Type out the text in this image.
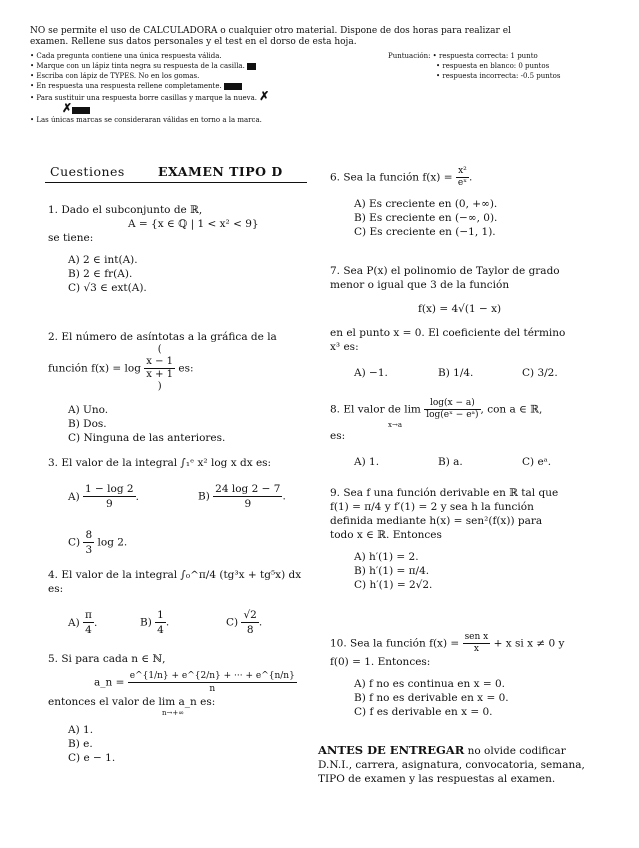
NO se permite el uso de CALCULADORA o cualquier otro material. Dispone de dos horas para realizar el
examen. Rellene sus datos personales y el test en el dorso de esta hoja.
• Cada pregunta contiene una única respuesta válida.
• Marque con un lápiz tinta negra su respuesta de la casilla.
• Escriba con lápiz de TYPES. No en los gomas.
• En respuesta una respuesta rellene completamente.
• Para sustituir una respuesta borre casillas y marque la nueva. ✗
✗
• Las únicas marcas se consideraran válidas en torno a la marca.
Puntuación: • respuesta correcta: 1 punto
• respuesta en blanco: 0 puntos
• respuesta incorrecta: -0.5 puntos
Cuestiones	EXAMEN TIPO D
1. Dado el subconjunto de ℝ,
A = {x ∈ ℚ | 1 < x² < 9}
se tiene:
A) 2 ∈ int(A).
B) 2 ∈ fr(A).
C) √3 ∈ ext(A).
2. El número de asíntotas a la gráfica de la
función f(x) = log (
x − 1
x + 1
) es:
A) Uno.
B) Dos.
C) Ninguna de las anteriores.
3. El valor de la integral ∫₁ᵉ x² log x dx es:
$A) \frac{1 - \log 2}{9}$ .	$B) \frac{24 \log 2 - 7}{9}$ .
$C) \frac{8}{3}$ log 2.
4. El valor de la integral ∫₀^π/4 (tg³x + tg⁵x) dx
es:
$A) \frac{\pi}{4}$ .	$B) \frac{1}{4}$ .	$C) \frac{√2}{8}$ .
5. Si para cada n ∈ ℕ,
a_n = $\frac{e\^{}\{1/n\} + e\^{}\{2/n\} + \cdot\cdot\cdot + e\^{}\{n/n\}}{n}$
entonces el valor de lim a_n es:
n→+∞
A) 1.
B) e.
C) e − 1.
6. Sea la función $f(x) = \frac{\text{x²}}{\text{eˣ}}$ .
A) Es creciente en (0, +∞).
B) Es creciente en (−∞, 0).
C) Es creciente en (−1, 1).
7. Sea P(x) el polinomio de Taylor de grado
menor o igual que 3 de la función
f(x) = 4√(1 − x)
en el punto x = 0. El coeficiente del término
x³ es:
A) −1.	B) 1/4.	C) 3/2.
8. El valor de $\lim \frac{\log(x - a)}{\text{log(eˣ − eᵃ)}}$ , con a ∈ ℝ,
x→a
es:
A) 1.	B) a.	C) eᵃ.
9. Sea f una función derivable en ℝ tal que
f(1) = π/4 y f′(1) = 2 y sea h la función
definida mediante h(x) = sen²(f(x)) para
todo x ∈ ℝ. Entonces
A) h′(1) = 2.
B) h′(1) = π/4.
C) h′(1) = 2√2.
10. Sea la función $f(x) = \frac{\text{sen x}}{x} + x$ si x ≠ 0 y
f(0) = 1. Entonces:
A) f no es continua en x = 0.
B) f no es derivable en x = 0.
C) f es derivable en x = 0.
ANTES DE ENTREGAR no olvide codificar
D.N.I., carrera, asignatura, convocatoria, semana,
TIPO de examen y las respuestas al examen.
